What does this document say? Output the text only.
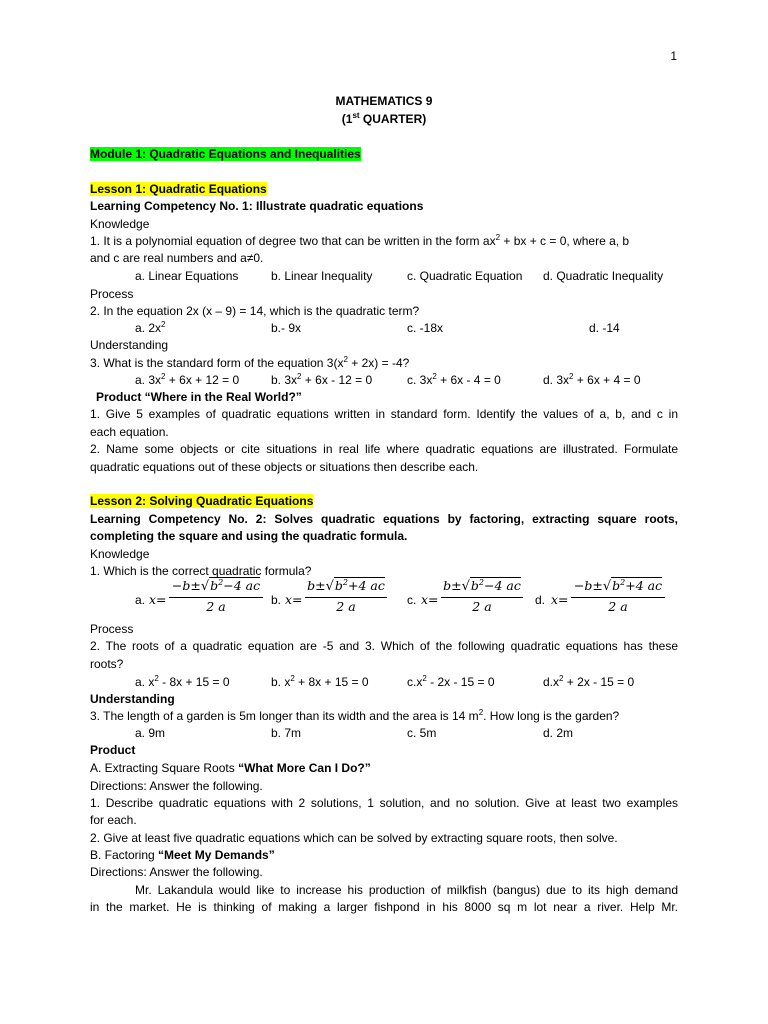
1
MATHEMATICS 9
(1st QUARTER)
Module 1: Quadratic Equations and Inequalities
Lesson 1: Quadratic Equations
Learning Competency No. 1: Illustrate quadratic equations
Knowledge
1. It is a polynomial equation of degree two that can be written in the form $ax^2$ + bx + c = 0, where a, b
and c are real numbers and a≠0.
a. Linear Equations	b. Linear Inequality	c. Quadratic Equation d. Quadratic Inequality
Process
2. In the equation 2x (x – 9) = 14, which is the quadratic term?
a. $2x^2$	b.- 9x	c. -18x	d. -14
Understanding
3. What is the standard form of the equation $3(x^2 + 2x) = -4$?
a. $3x^2 + 6x + 12 = 0$	b. $3x^2 + 6x - 12 = 0$	c. $3x^2 + 6x - 4 = 0$	d. $3x^2 + 6x + 4 = 0$
Product “Where in the Real World?”
1. Give 5 examples of quadratic equations written in standard form. Identify the values of a, b, and c in
each equation.
2. Name some objects or cite situations in real life where quadratic equations are illustrated. Formulate
quadratic equations out of these objects or situations then describe each.
Lesson 2: Solving Quadratic Equations
Learning Competency No. 2: Solves quadratic equations by factoring, extracting square roots,
completing the square and using the quadratic formula.
Knowledge
1. Which is the correct quadratic formula?
a. x=
$-b\pm√b^2-4$ ac
2 a	b. x=
$b\pm√b^2+4$ ac
2 a	c. x=
$b\pm√b^2-4$ ac
2 a	d. x=
$-b\pm√b^2+4$ ac
2 a
Process
2. The roots of a quadratic equation are -5 and 3. Which of the following quadratic equations has these
roots?
a. $x^2 - 8x + 15 = 0$	b. $x^2 + 8x + 15 = 0$	$c.x^2 - 2x - 15 = 0$	$d.x^2 + 2x - 15 = 0$
Understanding
3. The length of a garden is 5m longer than its width and the area is 14 $m^2$. How long is the garden?
a. 9m	b. 7m	c. 5m	d. 2m
Product
A. Extracting Square Roots “What More Can I Do?”
Directions: Answer the following.
1. Describe quadratic equations with 2 solutions, 1 solution, and no solution. Give at least two examples
for each.
2. Give at least five quadratic equations which can be solved by extracting square roots, then solve.
B. Factoring “Meet My Demands”
Directions: Answer the following.
Mr. Lakandula would like to increase his production of milkfish (bangus) due to its high demand
in the market. He is thinking of making a larger fishpond in his 8000 sq m lot near a river. Help Mr.
